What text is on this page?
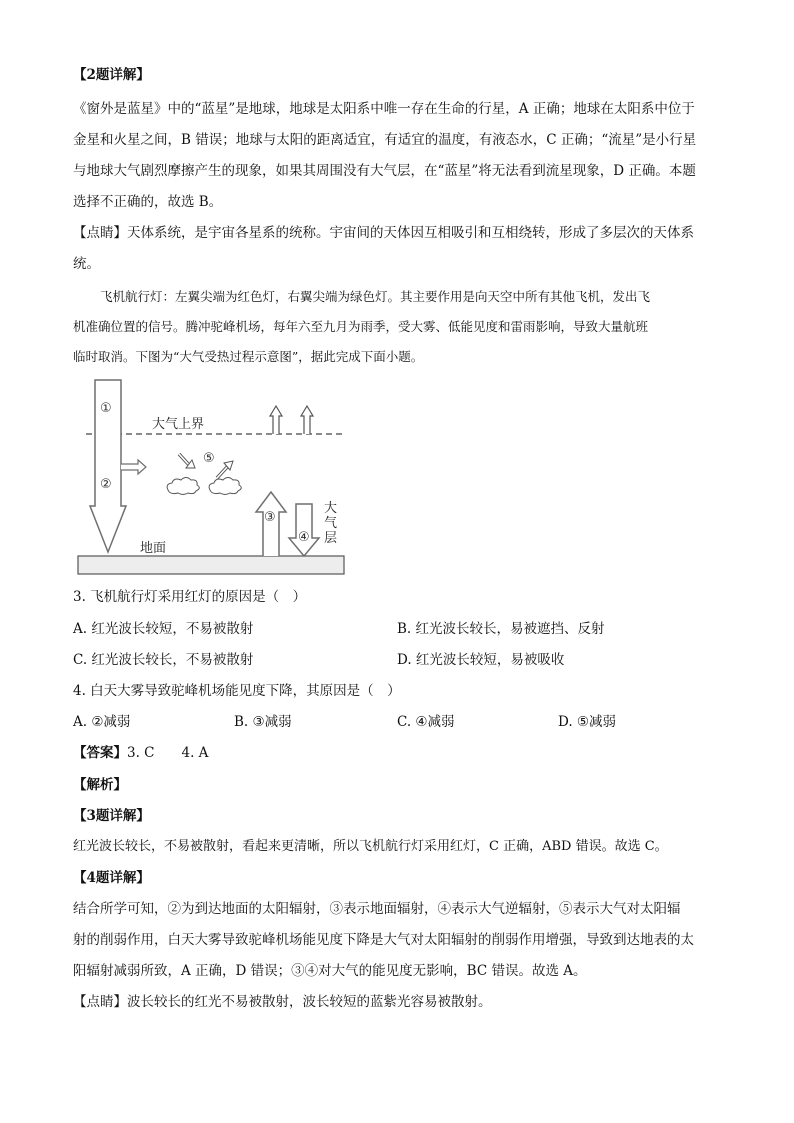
【2题详解】
《窗外是蓝星》中的“蓝星”是地球，地球是太阳系中唯一存在生命的行星，A 正确；地球在太阳系中位于
金星和火星之间，B 错误；地球与太阳的距离适宜，有适宜的温度，有液态水，C 正确；“流星”是小行星
与地球大气剧烈摩擦产生的现象，如果其周围没有大气层，在“蓝星”将无法看到流星现象，D 正确。本题
选择不正确的，故选 B。
【点睛】天体系统，是宇宙各星系的统称。宇宙间的天体因互相吸引和互相绕转，形成了多层次的天体系
统。
飞机航行灯：左翼尖端为红色灯，右翼尖端为绿色灯。其主要作用是向天空中所有其他飞机，发出飞
机准确位置的信号。腾冲驼峰机场，每年六至九月为雨季，受大雾、低能见度和雷雨影响，导致大量航班
临时取消。下图为“大气受热过程示意图”，据此完成下面小题。
大气上界
地面
①
②
⑤
③
④
大
气
层
3. 飞机航行灯采用红灯的原因是（　）
A. 红光波长较短，不易被散射	B. 红光波长较长，易被遮挡、反射
C. 红光波长较长，不易被散射	D. 红光波长较短，易被吸收
4. 白天大雾导致驼峰机场能见度下降，其原因是（　）
A. ②减弱	B. ③减弱	C. ④减弱	D. ⑤减弱
【答案】3. C　　4. A
【解析】
【3题详解】
红光波长较长，不易被散射，看起来更清晰，所以飞机航行灯采用红灯，C 正确，ABD 错误。故选 C。
【4题详解】
结合所学可知，②为到达地面的太阳辐射，③表示地面辐射，④表示大气逆辐射，⑤表示大气对太阳辐
射的削弱作用，白天大雾导致驼峰机场能见度下降是大气对太阳辐射的削弱作用增强，导致到达地表的太
阳辐射减弱所致，A 正确，D 错误；③④对大气的能见度无影响，BC 错误。故选 A。
【点睛】波长较长的红光不易被散射，波长较短的蓝紫光容易被散射。
